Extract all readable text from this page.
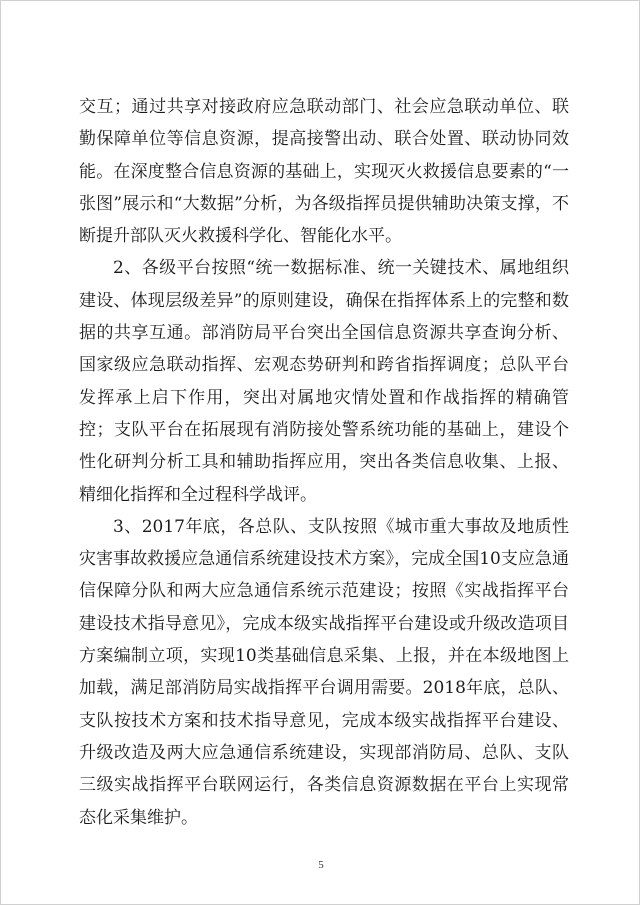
交互；通过共享对接政府应急联动部门、社会应急联动单位、联勤保障单位等信息资源，提高接警出动、联合处置、联动协同效能。在深度整合信息资源的基础上，实现灭火救援信息要素的“一张图”展示和“大数据”分析，为各级指挥员提供辅助决策支撑，不断提升部队灭火救援科学化、智能化水平。

2、各级平台按照“统一数据标准、统一关键技术、属地组织建设、体现层级差异”的原则建设，确保在指挥体系上的完整和数据的共享互通。部消防局平台突出全国信息资源共享查询分析、国家级应急联动指挥、宏观态势研判和跨省指挥调度；总队平台发挥承上启下作用，突出对属地灾情处置和作战指挥的精确管控；支队平台在拓展现有消防接处警系统功能的基础上，建设个性化研判分析工具和辅助指挥应用，突出各类信息收集、上报、精细化指挥和全过程科学战评。

3、2017年底，各总队、支队按照《城市重大事故及地质性灾害事故救援应急通信系统建设技术方案》，完成全国10支应急通信保障分队和两大应急通信系统示范建设；按照《实战指挥平台建设技术指导意见》，完成本级实战指挥平台建设或升级改造项目方案编制立项，实现10类基础信息采集、上报，并在本级地图上加载，满足部消防局实战指挥平台调用需要。2018年底，总队、支队按技术方案和技术指导意见，完成本级实战指挥平台建设、升级改造及两大应急通信系统建设，实现部消防局、总队、支队三级实战指挥平台联网运行，各类信息资源数据在平台上实现常态化采集维护。

5
